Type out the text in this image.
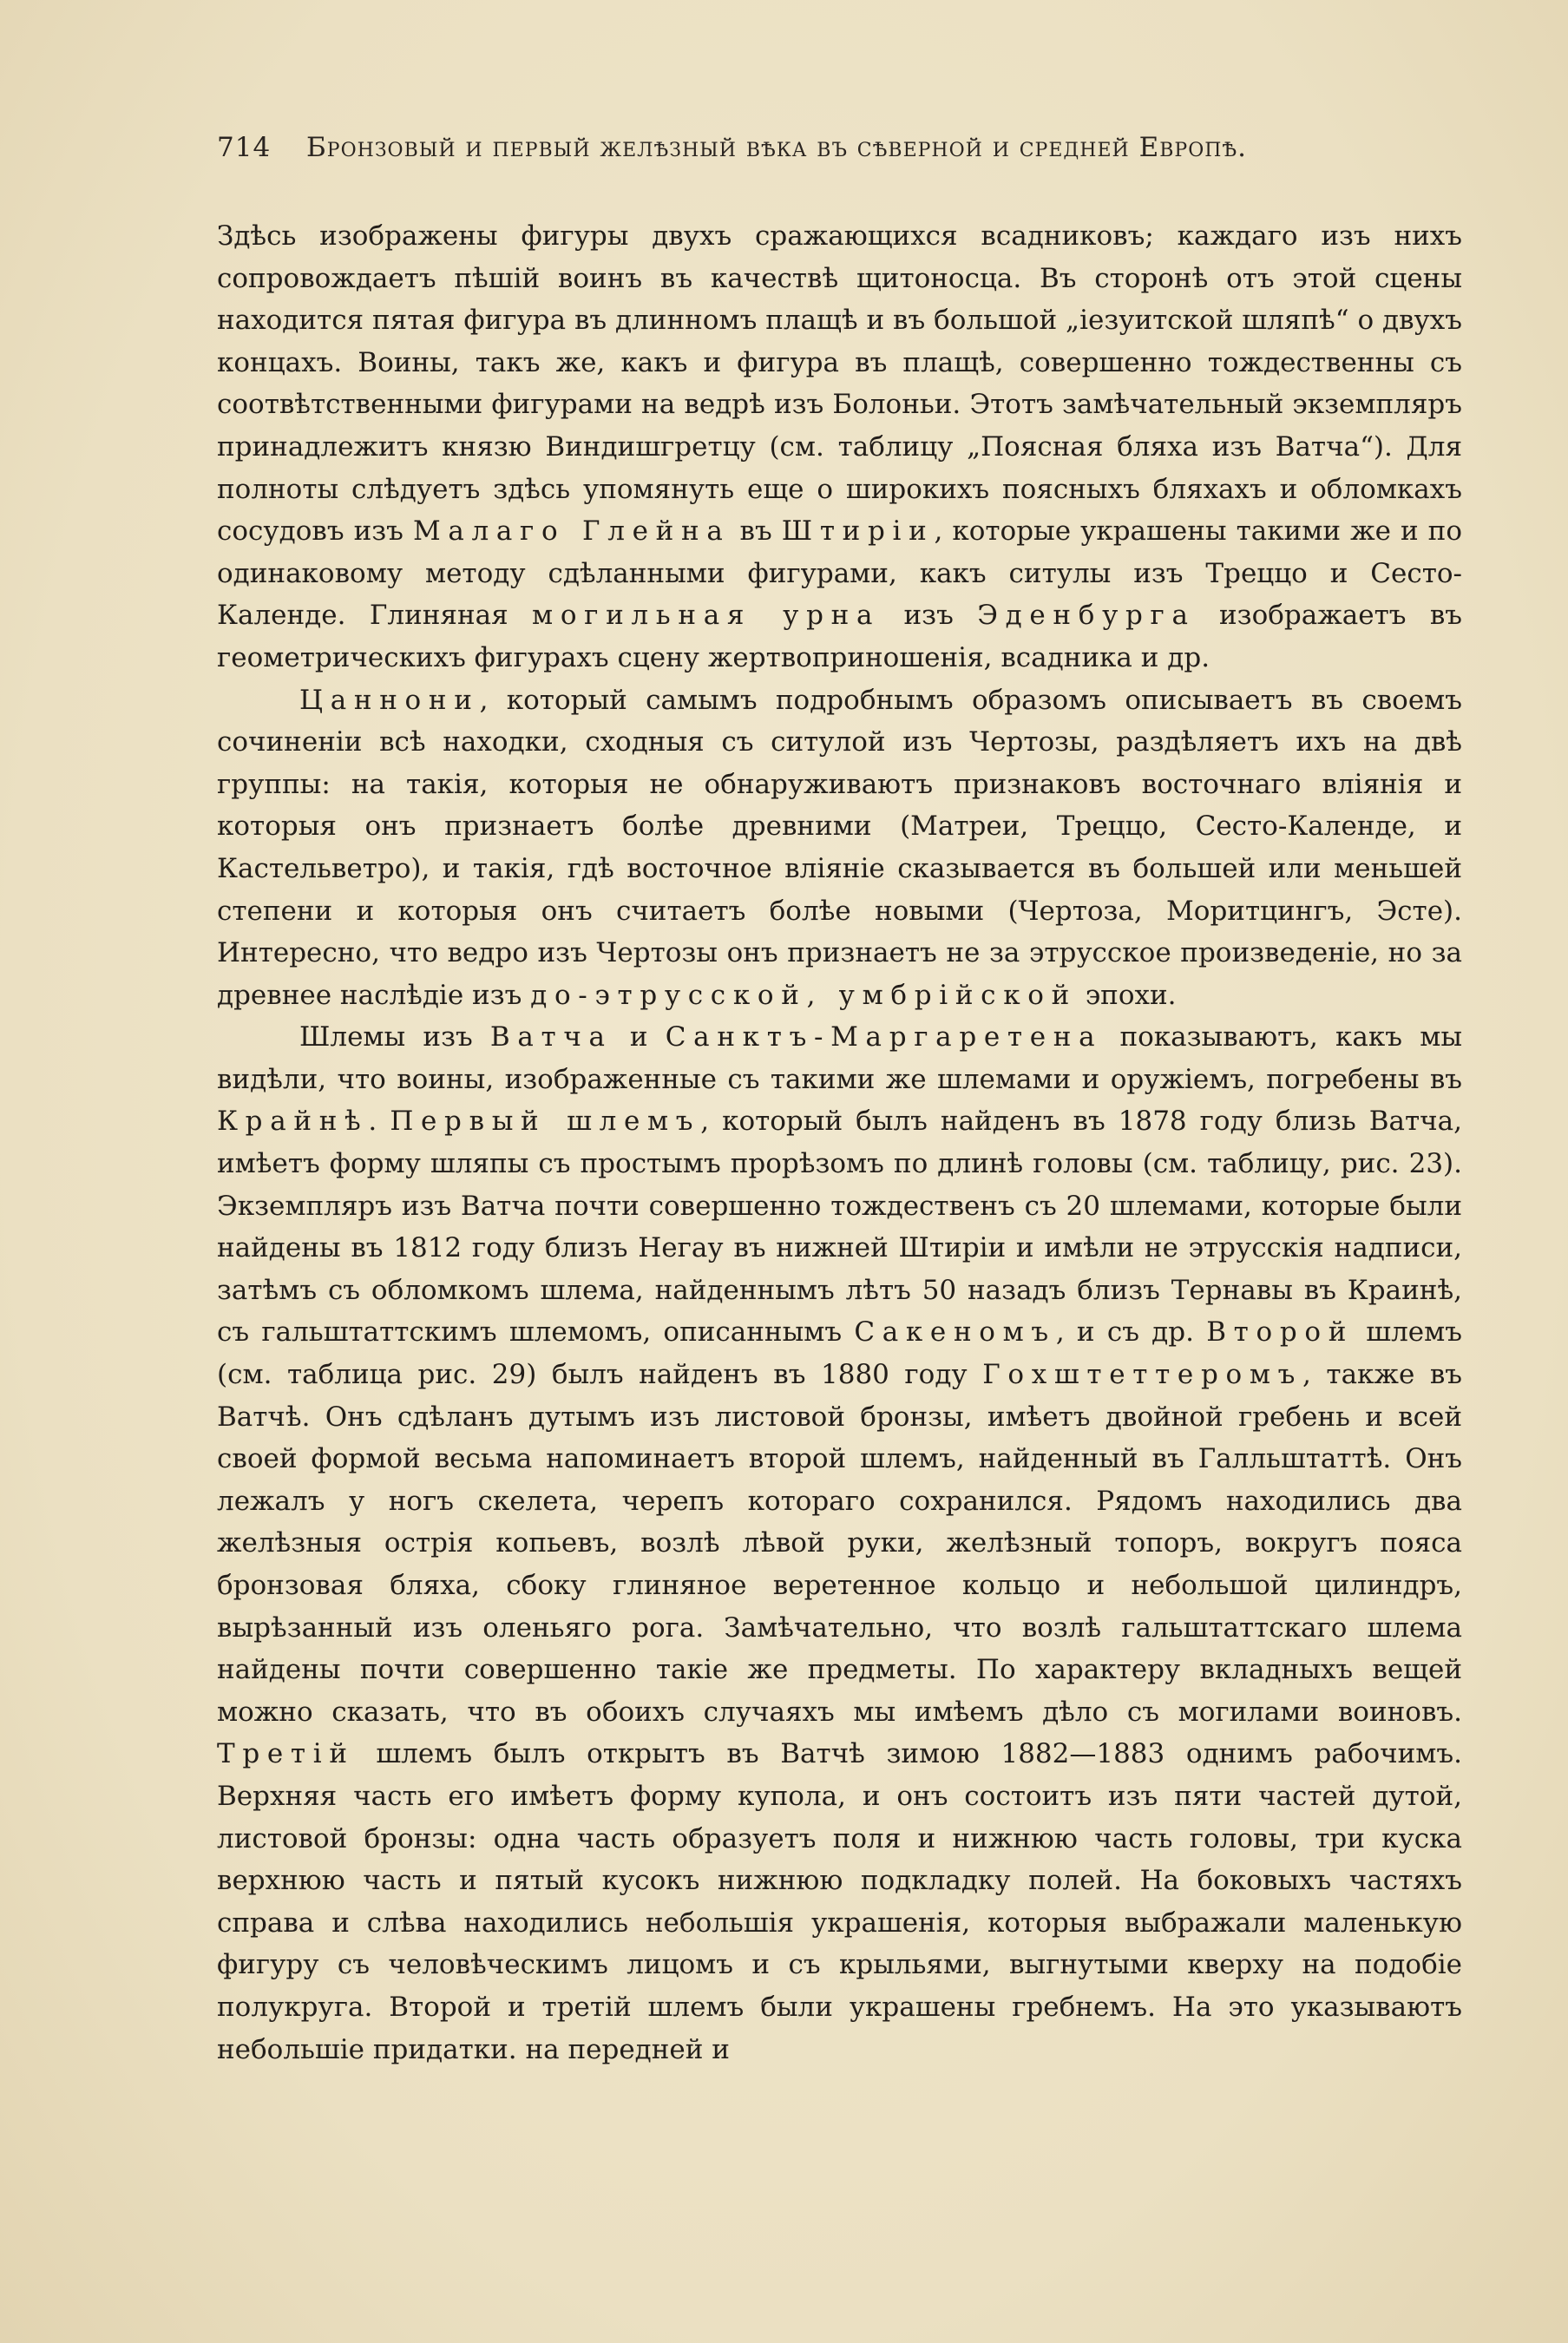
714 Бронзовый и первый желѣзный вѣка въ сѣверной и средней Европѣ.

Здѣсь изображены фигуры двухъ сражающихся всадниковъ; каждаго изъ нихъ сопровождаетъ пѣшій воинъ въ качествѣ щитоносца. Въ сторонѣ отъ этой сцены находится пятая фигура въ длинномъ плащѣ и въ большой „iезуитской шляпѣ“ о двухъ концахъ. Воины, такъ же, какъ и фигура въ плащѣ, совершенно тождественны съ соотвѣтственными фигурами на ведрѣ изъ Болоньи. Этотъ замѣчательный экземпляръ принадлежитъ князю Виндишгретцу (см. таблицу „Поясная бляха изъ Ватча“). Для полноты слѣдуетъ здѣсь упомянуть еще о широкихъ поясныхъ бляхахъ и обломкахъ сосудовъ изъ Малаго Глейна въ Штиріи, которые украшены такими же и по одинаковому методу сдѣланными фигурами, какъ ситулы изъ Треццо и Сесто-Календе. Глиняная могильная урна изъ Эденбурга изображаетъ въ геометрическихъ фигурахъ сцену жертвоприношенія, всадника и др.

Цаннони, который самымъ подробнымъ образомъ описываетъ въ своемъ сочиненіи всѣ находки, сходныя съ ситулой изъ Чертозы, раздѣляетъ ихъ на двѣ группы: на такія, которыя не обнаруживаютъ признаковъ восточнаго вліянія и которыя онъ признаетъ болѣе древними (Матреи, Треццо, Сесто-Календе, и Кастельветро), и такія, гдѣ восточное вліяніе сказывается въ большей или меньшей степени и которыя онъ считаетъ болѣе новыми (Чертоза, Моритцингъ, Эсте). Интересно, что ведро изъ Чертозы онъ признаетъ не за этрусское произведеніе, но за древнее наслѣдіе изъ до-этрусской, умбрійской эпохи.

Шлемы изъ Ватча и Санктъ-Маргаретена показываютъ, какъ мы видѣли, что воины, изображенные съ такими же шлемами и оружіемъ, погребены въ Крайнѣ. Первый шлемъ, который былъ найденъ въ 1878 году близь Ватча, имѣетъ форму шляпы съ простымъ прорѣзомъ по длинѣ головы (см. таблицу, рис. 23). Экземпляръ изъ Ватча почти совершенно тождественъ съ 20 шлемами, которые были найдены въ 1812 году близъ Негау въ нижней Штиріи и имѣли не этрусскія надписи, затѣмъ съ обломкомъ шлема, найденнымъ лѣтъ 50 назадъ близъ Тернавы въ Краинѣ, съ гальштаттскимъ шлемомъ, описаннымъ Сакеномъ, и съ др. Второй шлемъ (см. таблица рис. 29) былъ найденъ въ 1880 году Гохштеттеромъ, также въ Ватчѣ. Онъ сдѣланъ дутымъ изъ листовой бронзы, имѣетъ двойной гребень и всей своей формой весьма напоминаетъ второй шлемъ, найденный въ Галльштаттѣ. Онъ лежалъ у ногъ скелета, черепъ котораго сохранился. Рядомъ находились два желѣзныя острія копьевъ, возлѣ лѣвой руки, желѣзный топоръ, вокругъ пояса бронзовая бляха, сбоку глиняное веретенное кольцо и небольшой цилиндръ, вырѣзанный изъ оленьяго рога. Замѣчательно, что возлѣ гальштаттскаго шлема найдены почти совершенно такіе же предметы. По характеру вкладныхъ вещей можно сказать, что въ обоихъ случаяхъ мы имѣемъ дѣло съ могилами воиновъ. Третій шлемъ былъ открытъ въ Ватчѣ зимою 1882—1883 однимъ рабочимъ. Верхняя часть его имѣетъ форму купола, и онъ состоитъ изъ пяти частей дутой, листовой бронзы: одна часть образуетъ поля и нижнюю часть головы, три куска верхнюю часть и пятый кусокъ нижнюю подкладку полей. На боковыхъ частяхъ справа и слѣва находились небольшія украшенія, которыя выбражали маленькую фигуру съ человѣческимъ лицомъ и съ крыльями, выгнутыми кверху на подобіе полукруга. Второй и третій шлемъ были украшены гребнемъ. На это указываютъ небольшіе придатки. на передней и
